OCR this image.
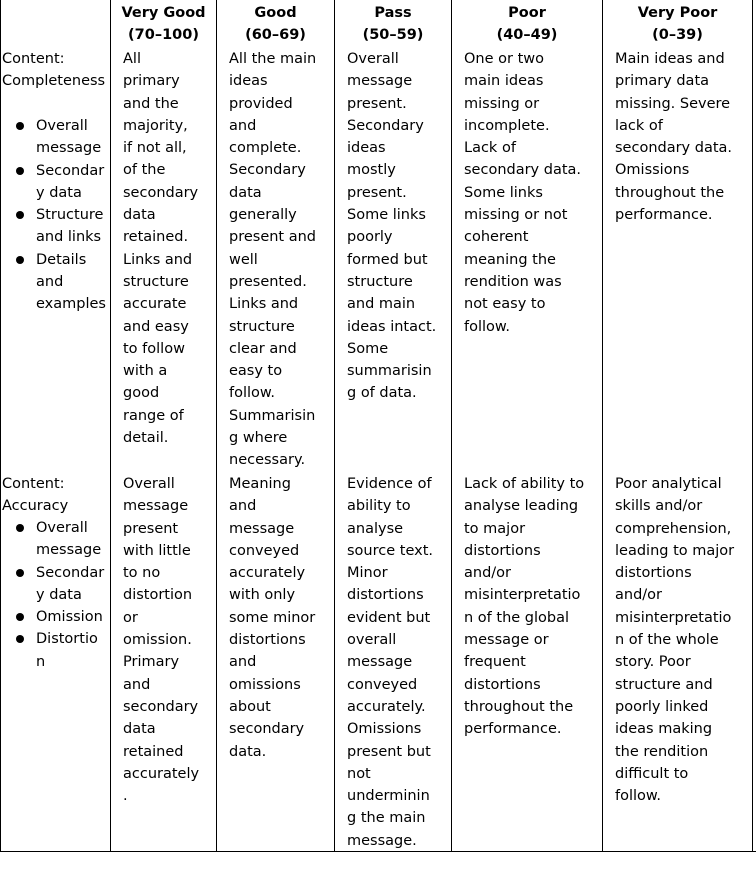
Very Good
(70–100)
Good
(60–69)
Pass
(50–59)
Poor
(40–49)
Very Poor
(0–39)
Content:
Completeness
Overall
message
Secondar
y data
Structure
and links
Details
and
examples
All
primary
and the
majority,
if not all,
of the
secondary
data
retained.
Links and
structure
accurate
and easy
to follow
with a
good
range of
detail.
All the main
ideas
provided
and
complete.
Secondary
data
generally
present and
well
presented.
Links and
structure
clear and
easy to
follow.
Summarisin
g where
necessary.
Overall
message
present.
Secondary
ideas
mostly
present.
Some links
poorly
formed but
structure
and main
ideas intact.
Some
summarisin
g of data.
One or two
main ideas
missing or
incomplete.
Lack of
secondary data.
Some links
missing or not
coherent
meaning the
rendition was
not easy to
follow.
Main ideas and
primary data
missing. Severe
lack of
secondary data.
Omissions
throughout the
performance.
Content:
Accuracy
Overall
message
Secondar
y data
Omission
Distortio
n
Overall
message
present
with little
to no
distortion
or
omission.
Primary
and
secondary
data
retained
accurately
.
Meaning
and
message
conveyed
accurately
with only
some minor
distortions
and
omissions
about
secondary
data.
Evidence of
ability to
analyse
source text.
Minor
distortions
evident but
overall
message
conveyed
accurately.
Omissions
present but
not
underminin
g the main
message.
Lack of ability to
analyse leading
to major
distortions
and/or
misinterpretatio
n of the global
message or
frequent
distortions
throughout the
performance.
Poor analytical
skills and/or
comprehension,
leading to major
distortions
and/or
misinterpretatio
n of the whole
story. Poor
structure and
poorly linked
ideas making
the rendition
difficult to
follow.
